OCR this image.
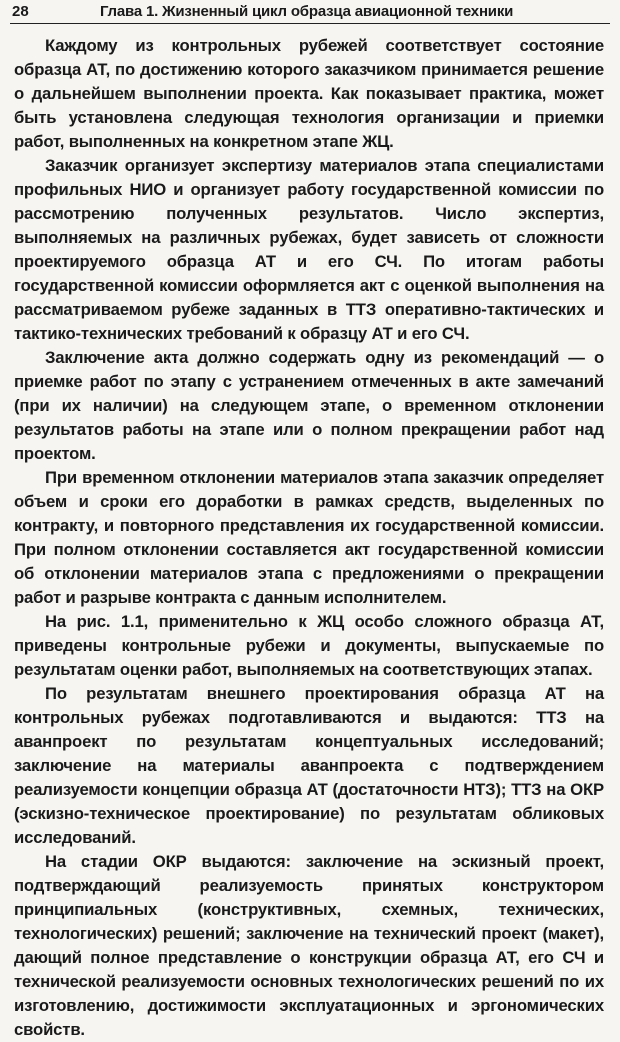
28	Глава 1. Жизненный цикл образца авиационной техники

Каждому из контрольных рубежей соответствует состояние образца АТ, по достижению которого заказчиком принимается решение о дальнейшем выполнении проекта. Как показывает практика, может быть установлена следующая технология организации и приемки работ, выполненных на конкретном этапе ЖЦ.

Заказчик организует экспертизу материалов этапа специалистами профильных НИО и организует работу государственной комиссии по рассмотрению полученных результатов. Число экспертиз, выполняемых на различных рубежах, будет зависеть от сложности проектируемого образца АТ и его СЧ. По итогам работы государственной комиссии оформляется акт с оценкой выполнения на рассматриваемом рубеже заданных в ТТЗ оперативно-тактических и тактико-технических требований к образцу АТ и его СЧ.

Заключение акта должно содержать одну из рекомендаций — о приемке работ по этапу с устранением отмеченных в акте замечаний (при их наличии) на следующем этапе, о временном отклонении результатов работы на этапе или о полном прекращении работ над проектом.

При временном отклонении материалов этапа заказчик определяет объем и сроки его доработки в рамках средств, выделенных по контракту, и повторного представления их государственной комиссии. При полном отклонении составляется акт государственной комиссии об отклонении материалов этапа с предложениями о прекращении работ и разрыве контракта с данным исполнителем.

На рис. 1.1, применительно к ЖЦ особо сложного образца АТ, приведены контрольные рубежи и документы, выпускаемые по результатам оценки работ, выполняемых на соответствующих этапах.

По результатам внешнего проектирования образца АТ на контрольных рубежах подготавливаются и выдаются: ТТЗ на аванпроект по результатам концептуальных исследований; заключение на материалы аванпроекта с подтверждением реализуемости концепции образца АТ (достаточности НТЗ); ТТЗ на ОКР (эскизно-техническое проектирование) по результатам обликовых исследований.

На стадии ОКР выдаются: заключение на эскизный проект, подтверждающий реализуемость принятых конструктором принципиальных (конструктивных, схемных, технических, технологических) решений; заключение на технический проект (макет), дающий полное представление о конструкции образца АТ, его СЧ и технической реализуемости основных технологических решений по их изготовлению, достижимости эксплуатационных и эргономических свойств.
